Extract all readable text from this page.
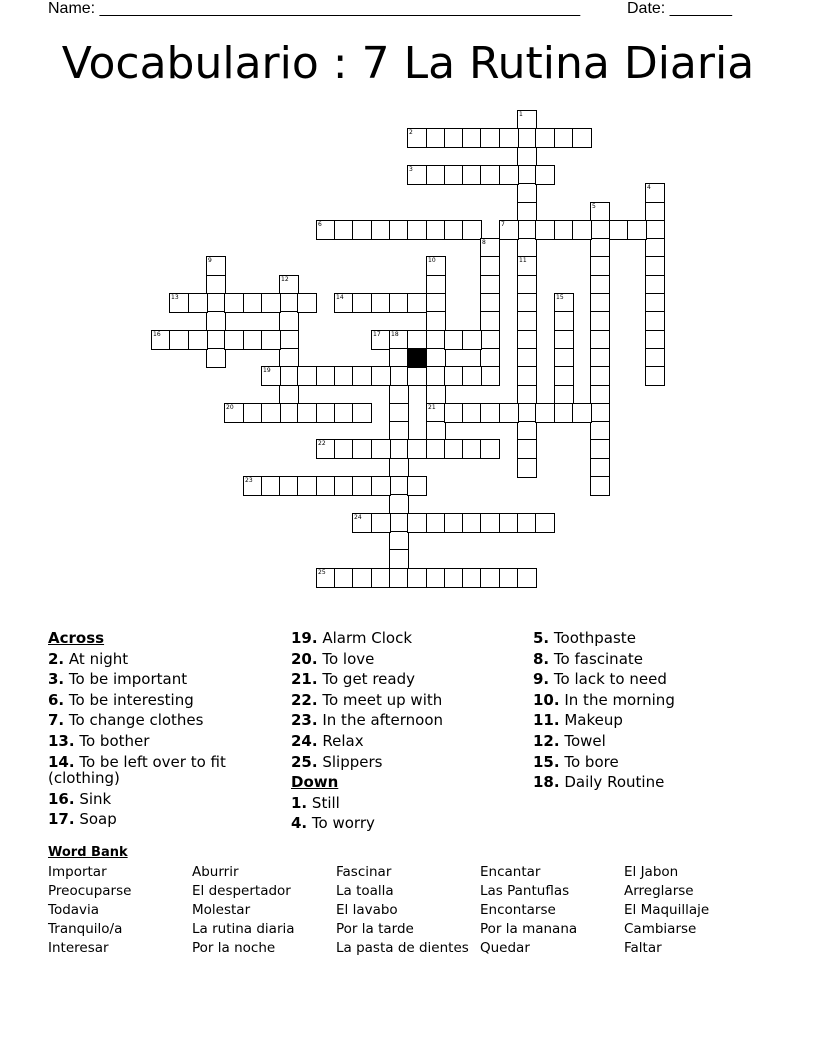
Name: ______________________________________________________	Date: _______
Vocabulario : 7 La Rutina Diaria
1
11
2
3
4
5
6	7
8
9	10
21
12
13	14	15
16	17 18
19
20
22
23
24
25
Across
2. At night
3. To be important
6. To be interesting
7. To change clothes
13. To bother
14. To be left over to fit (clothing)
16. Sink
17. Soap
19. Alarm Clock
20. To love
21. To get ready
22. To meet up with
23. In the afternoon
24. Relax
25. Slippers
Down
1. Still
4. To worry
5. Toothpaste
8. To fascinate
9. To lack to need
10. In the morning
11. Makeup
12. Towel
15. To bore
18. Daily Routine
Word Bank
Importar
Preocuparse
Todavia
Tranquilo/a
Interesar
Aburrir
El despertador
Molestar
La rutina diaria
Por la noche
Fascinar
La toalla
El lavabo
Por la tarde
La pasta de dientes
Encantar
Las Pantuflas
Encontarse
Por la manana
Quedar
El Jabon
Arreglarse
El Maquillaje
Cambiarse
Faltar
